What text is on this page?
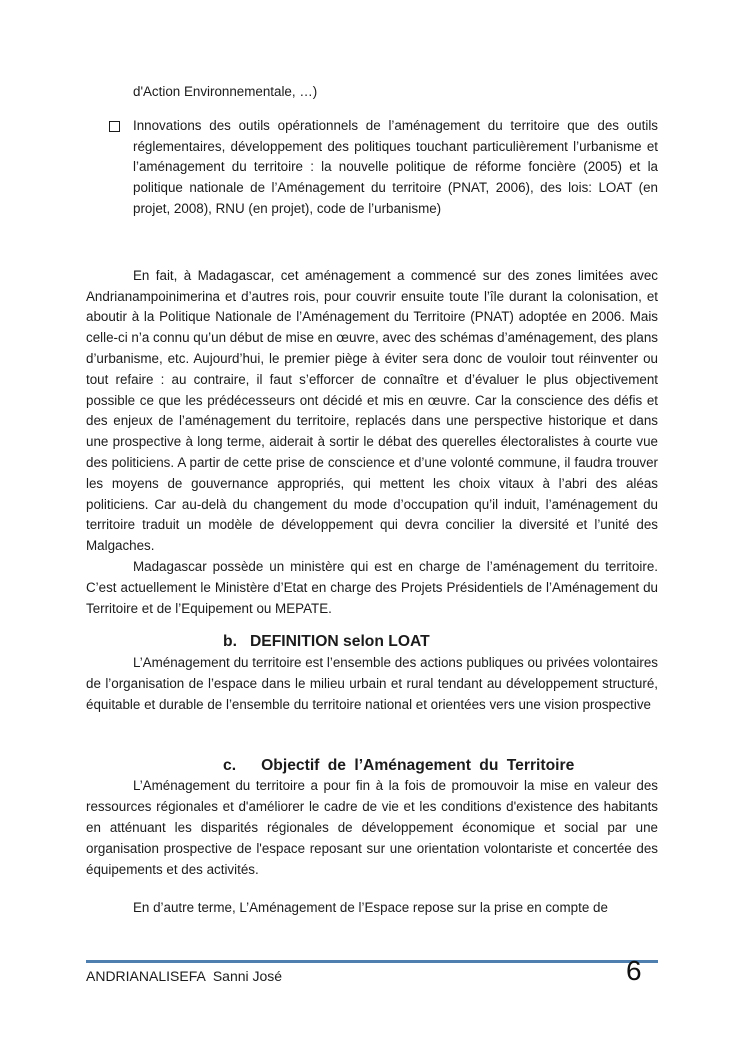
d'Action Environnementale, …)

Innovations des outils opérationnels de l’aménagement du territoire que des outils réglementaires, développement des politiques touchant particulièrement l’urbanisme et l’aménagement du territoire : la nouvelle politique de réforme foncière (2005) et la politique nationale de l’Aménagement du territoire (PNAT, 2006), des lois: LOAT (en projet, 2008), RNU (en projet), code de l’urbanisme)

En fait, à Madagascar, cet aménagement a commencé sur des zones limitées avec Andrianampoinimerina et d’autres rois, pour couvrir ensuite toute l’île durant la colonisation, et aboutir à la Politique Nationale de l’Aménagement du Territoire (PNAT) adoptée en 2006. Mais celle-ci n’a connu qu’un début de mise en œuvre, avec des schémas d’aménagement, des plans d’urbanisme, etc. Aujourd’hui, le premier piège à éviter sera donc de vouloir tout réinventer ou tout refaire : au contraire, il faut s’efforcer de connaître et d’évaluer le plus objectivement possible ce que les prédécesseurs ont décidé et mis en œuvre. Car la conscience des défis et des enjeux de l’aménagement du territoire, replacés dans une perspective historique et dans une prospective à long terme, aiderait à sortir le débat des querelles électoralistes à courte vue des politiciens. A partir de cette prise de conscience et d’une volonté commune, il faudra trouver les moyens de gouvernance appropriés, qui mettent les choix vitaux à l’abri des aléas politiciens. Car au-delà du changement du mode d’occupation qu’il induit, l’aménagement du territoire traduit un modèle de développement qui devra concilier la diversité et l’unité des Malgaches.

Madagascar possède un ministère qui est en charge de l’aménagement du territoire. C’est actuellement le Ministère d’Etat en charge des Projets Présidentiels de l’Aménagement du Territoire et de l’Equipement ou MEPATE.

b.   DEFINITION selon LOAT

L’Aménagement du territoire est l’ensemble des actions publiques ou privées volontaires de l’organisation de l’espace dans le milieu urbain et rural tendant au développement structuré, équitable et durable de l’ensemble du territoire national et orientées vers une vision prospective

c.   Objectif de l’Aménagement du Territoire

L’Aménagement du territoire a pour fin à la fois de promouvoir la mise en valeur des ressources régionales et d'améliorer le cadre de vie et les conditions d'existence des habitants en atténuant les disparités régionales de développement économique et social par une organisation prospective de l'espace reposant sur une orientation volontariste et concertée des équipements et des activités.

En d’autre terme, L’Aménagement de l’Espace repose sur la prise en compte de

ANDRIANALISEFA  Sanni José	6
